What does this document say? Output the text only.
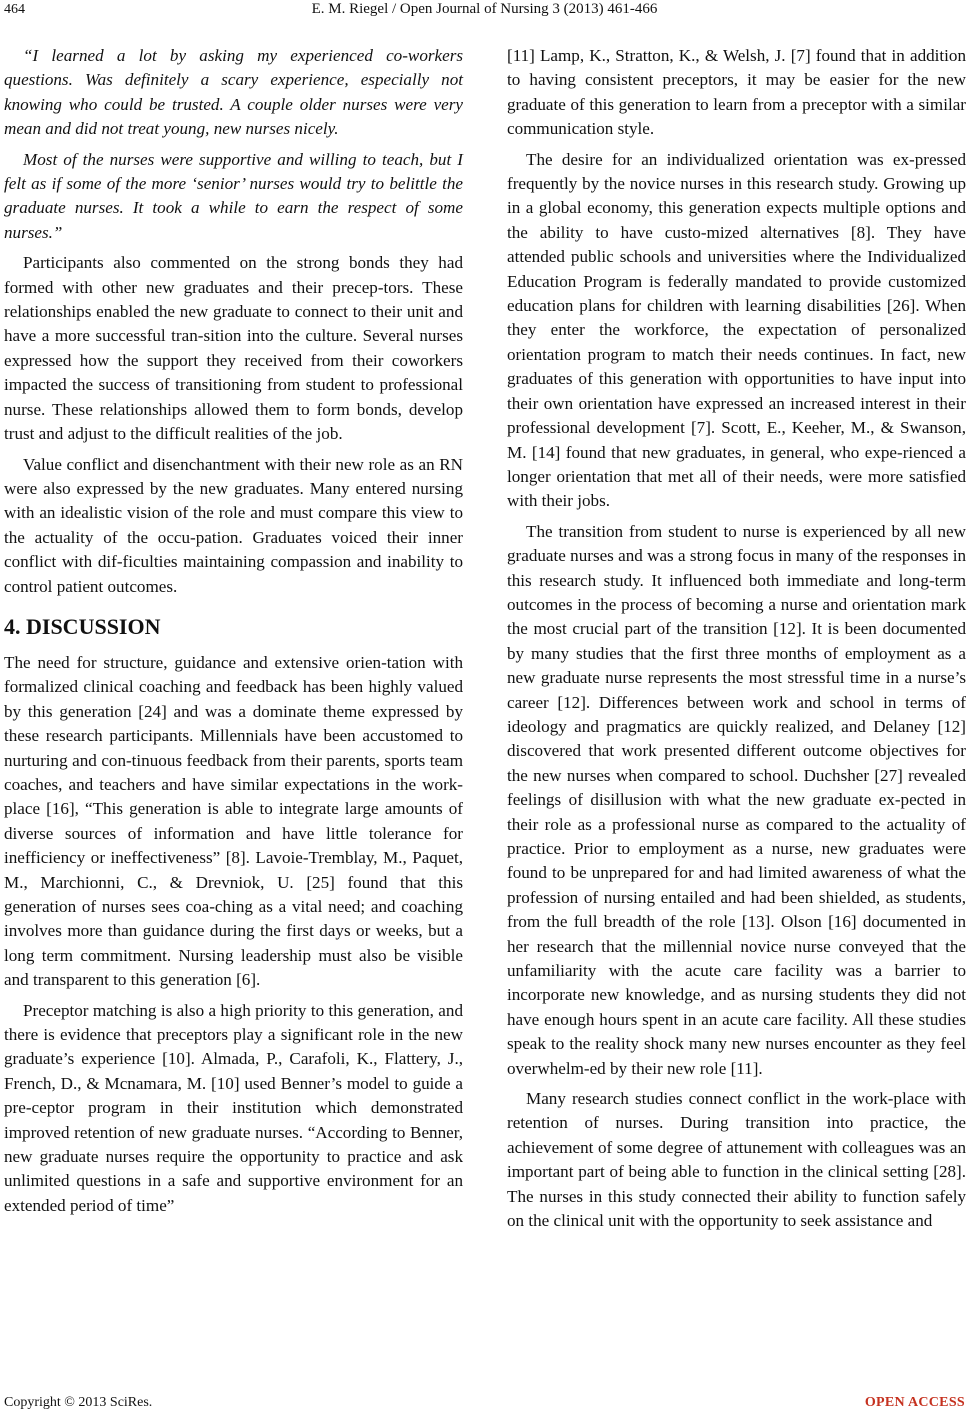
464	E. M. Riegel / Open Journal of Nursing 3 (2013) 461-466

“I learned a lot by asking my experienced co-workers questions. Was definitely a scary experience, especially not knowing who could be trusted. A couple older nurses were very mean and did not treat young, new nurses nicely.

Most of the nurses were supportive and willing to teach, but I felt as if some of the more ‘senior’ nurses would try to belittle the graduate nurses. It took a while to earn the respect of some nurses.”

Participants also commented on the strong bonds they had formed with other new graduates and their precep-tors. These relationships enabled the new graduate to connect to their unit and have a more successful tran-sition into the culture. Several nurses expressed how the support they received from their coworkers impacted the success of transitioning from student to professional nurse. These relationships allowed them to form bonds, develop trust and adjust to the difficult realities of the job.

Value conflict and disenchantment with their new role as an RN were also expressed by the new graduates. Many entered nursing with an idealistic vision of the role and must compare this view to the actuality of the occu-pation. Graduates voiced their inner conflict with dif-ficulties maintaining compassion and inability to control patient outcomes.

4. DISCUSSION

The need for structure, guidance and extensive orien-tation with formalized clinical coaching and feedback has been highly valued by this generation [24] and was a dominate theme expressed by these research participants. Millennials have been accustomed to nurturing and con-tinuous feedback from their parents, sports team coaches, and teachers and have similar expectations in the work-place [16], “This generation is able to integrate large amounts of diverse sources of information and have little tolerance for inefficiency or ineffectiveness” [8]. Lavoie-Tremblay, M., Paquet, M., Marchionni, C., & Drevniok, U. [25] found that this generation of nurses sees coa-ching as a vital need; and coaching involves more than guidance during the first days or weeks, but a long term commitment. Nursing leadership must also be visible and transparent to this generation [6].

Preceptor matching is also a high priority to this generation, and there is evidence that preceptors play a significant role in the new graduate’s experience [10]. Almada, P., Carafoli, K., Flattery, J., French, D., & Mcnamara, M. [10] used Benner’s model to guide a pre-ceptor program in their institution which demonstrated improved retention of new graduate nurses. “According to Benner, new graduate nurses require the opportunity to practice and ask unlimited questions in a safe and supportive environment for an extended period of time”

[11] Lamp, K., Stratton, K., & Welsh, J. [7] found that in addition to having consistent preceptors, it may be easier for the new graduate of this generation to learn from a preceptor with a similar communication style.

The desire for an individualized orientation was ex-pressed frequently by the novice nurses in this research study. Growing up in a global economy, this generation expects multiple options and the ability to have custo-mized alternatives [8]. They have attended public schools and universities where the Individualized Education Program is federally mandated to provide customized education plans for children with learning disabilities [26]. When they enter the workforce, the expectation of personalized orientation program to match their needs continues. In fact, new graduates of this generation with opportunities to have input into their own orientation have expressed an increased interest in their professional development [7]. Scott, E., Keeher, M., & Swanson, M. [14] found that new graduates, in general, who expe-rienced a longer orientation that met all of their needs, were more satisfied with their jobs.

The transition from student to nurse is experienced by all new graduate nurses and was a strong focus in many of the responses in this research study. It influenced both immediate and long-term outcomes in the process of becoming a nurse and orientation mark the most crucial part of the transition [12]. It is been documented by many studies that the first three months of employment as a new graduate nurse represents the most stressful time in a nurse’s career [12]. Differences between work and school in terms of ideology and pragmatics are quickly realized, and Delaney [12] discovered that work presented different outcome objectives for the new nurses when compared to school. Duchsher [27] revealed feelings of disillusion with what the new graduate ex-pected in their role as a professional nurse as compared to the actuality of practice. Prior to employment as a nurse, new graduates were found to be unprepared for and had limited awareness of what the profession of nursing entailed and had been shielded, as students, from the full breadth of the role [13]. Olson [16] documented in her research that the millennial novice nurse conveyed that the unfamiliarity with the acute care facility was a barrier to incorporate new knowledge, and as nursing students they did not have enough hours spent in an acute care facility. All these studies speak to the reality shock many new nurses encounter as they feel overwhelm-ed by their new role [11].

Many research studies connect conflict in the work-place with retention of nurses. During transition into practice, the achievement of some degree of attunement with colleagues was an important part of being able to function in the clinical setting [28]. The nurses in this study connected their ability to function safely on the clinical unit with the opportunity to seek assistance and

Copyright © 2013 SciRes.	OPEN ACCESS
